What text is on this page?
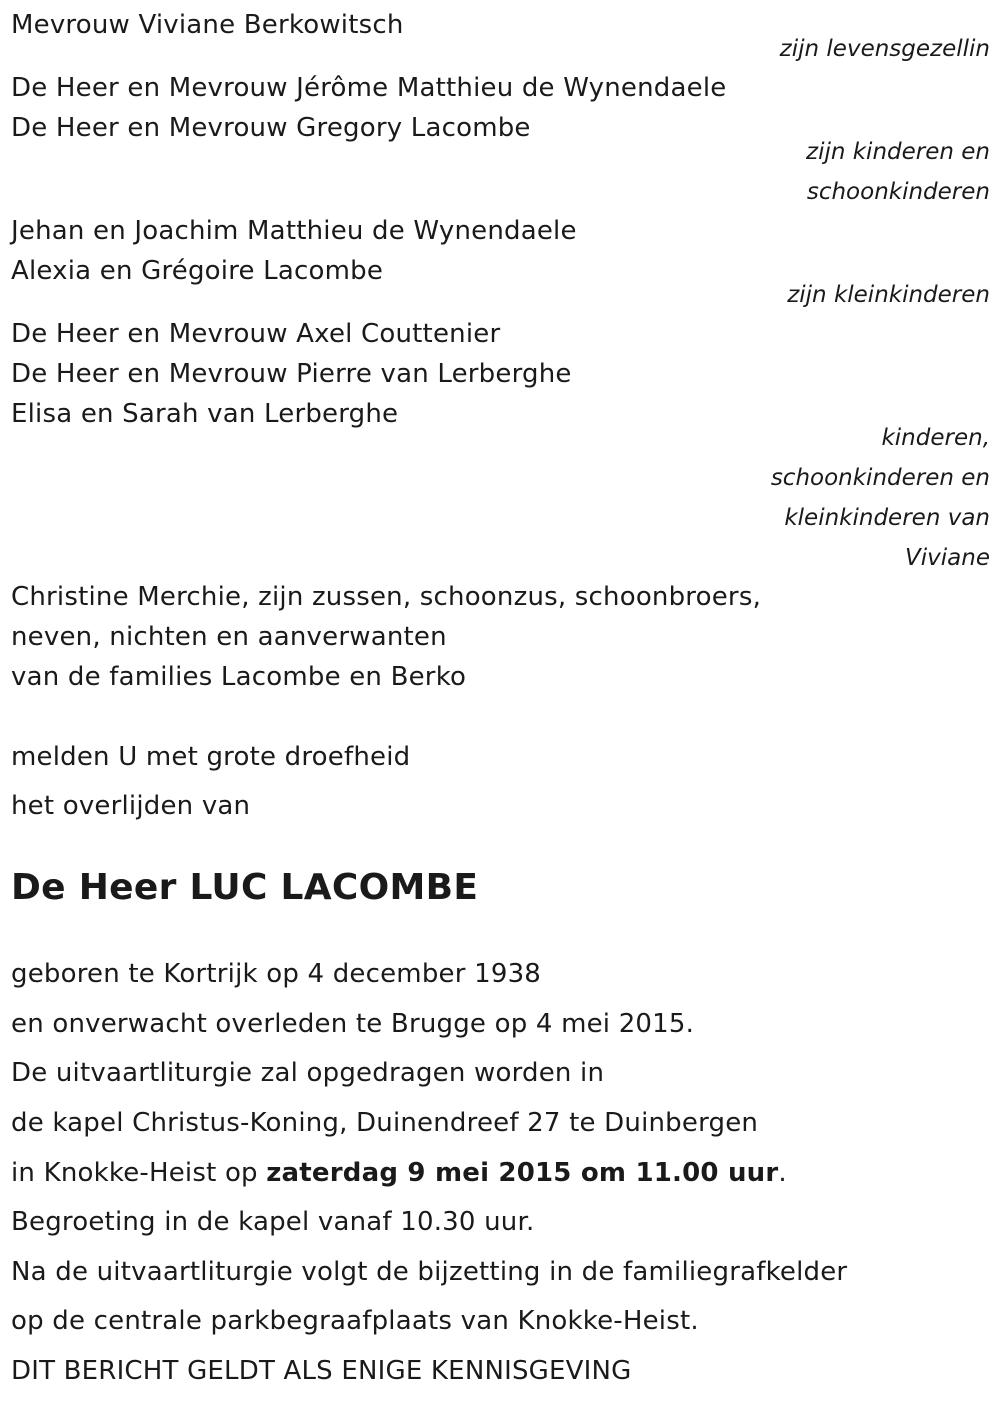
Mevrouw Viviane Berkowitsch
zijn levensgezellin
De Heer en Mevrouw Jérôme Matthieu de Wynendaele
De Heer en Mevrouw Gregory Lacombe
zijn kinderen en
schoonkinderen
Jehan en Joachim Matthieu de Wynendaele
Alexia en Grégoire Lacombe
zijn kleinkinderen
De Heer en Mevrouw Axel Couttenier
De Heer en Mevrouw Pierre van Lerberghe
Elisa en Sarah van Lerberghe
kinderen,
schoonkinderen en
kleinkinderen van
Viviane
Christine Merchie, zijn zussen, schoonzus, schoonbroers,
neven, nichten en aanverwanten
van de families Lacombe en Berko
melden U met grote droefheid
het overlijden van
De Heer LUC LACOMBE
geboren te Kortrijk op 4 december 1938
en onverwacht overleden te Brugge op 4 mei 2015.
De uitvaartliturgie zal opgedragen worden in
de kapel Christus-Koning, Duinendreef 27 te Duinbergen
in Knokke-Heist op zaterdag 9 mei 2015 om 11.00 uur.
Begroeting in de kapel vanaf 10.30 uur.
Na de uitvaartliturgie volgt de bijzetting in de familiegrafkelder
op de centrale parkbegraafplaats van Knokke-Heist.
DIT BERICHT GELDT ALS ENIGE KENNISGEVING
